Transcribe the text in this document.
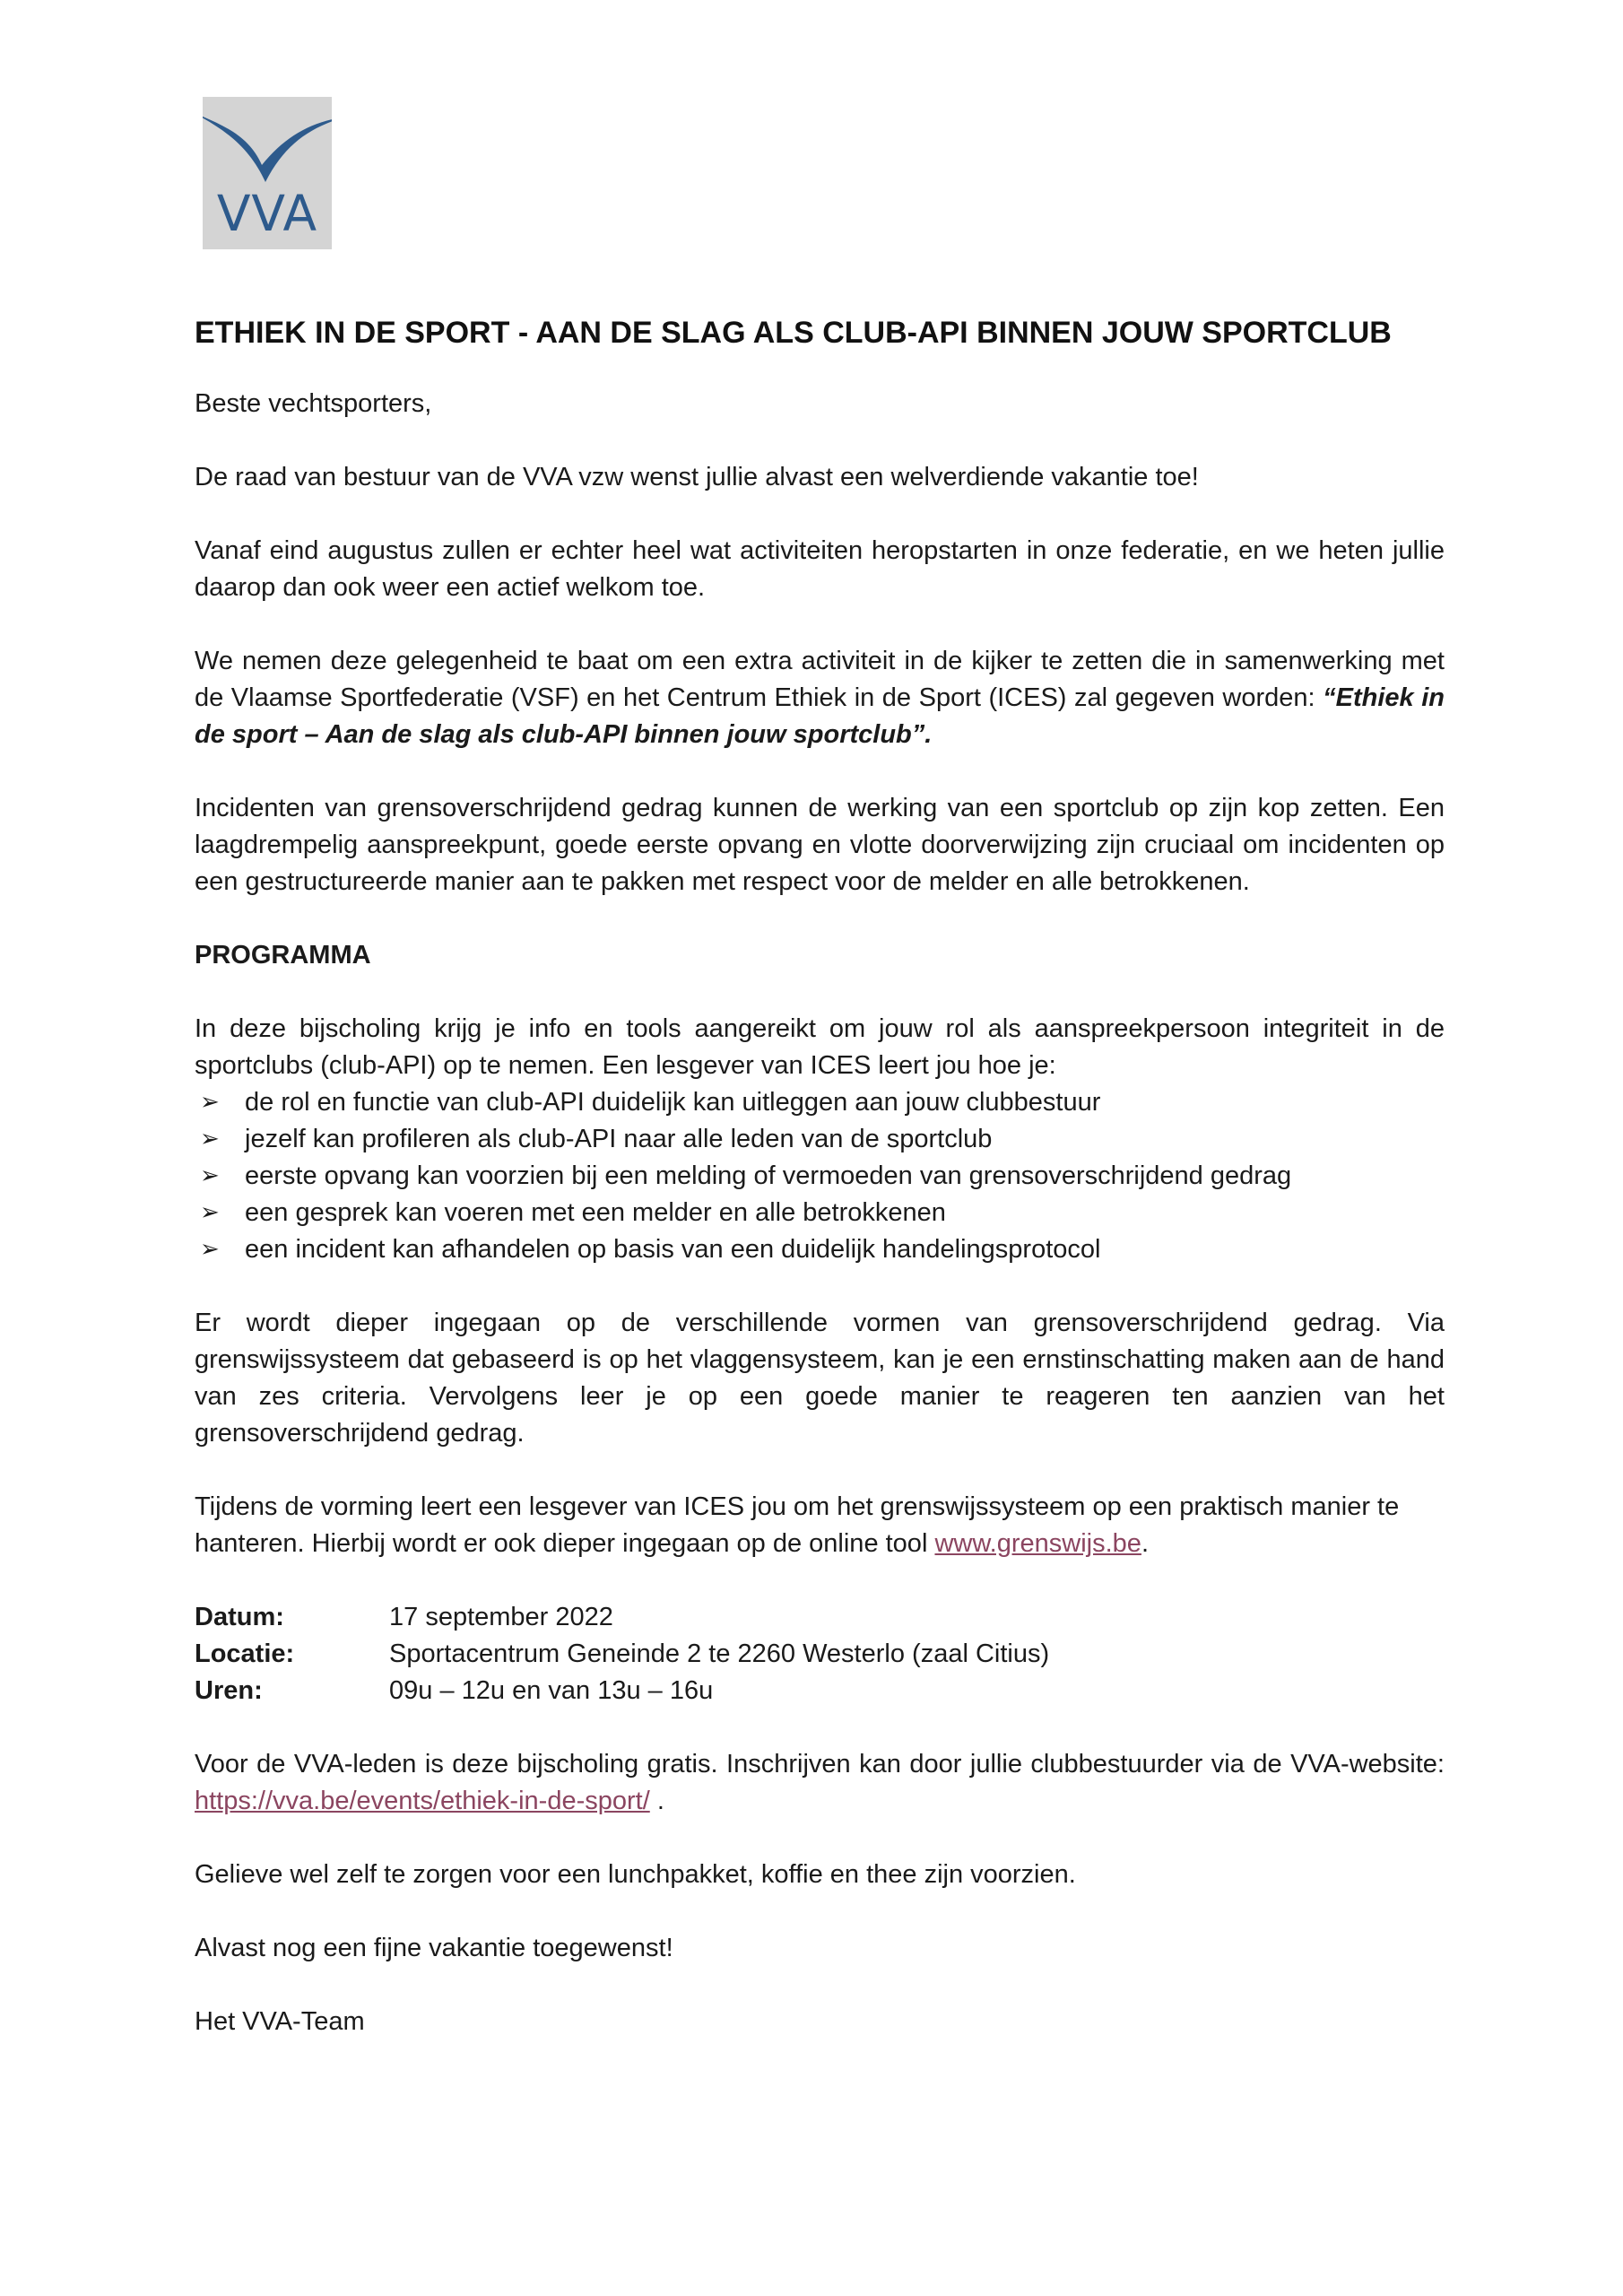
VVA
ETHIEK IN DE SPORT - AAN DE SLAG ALS CLUB-API BINNEN JOUW SPORTCLUB

Beste vechtsporters,

De raad van bestuur van de VVA vzw wenst jullie alvast een welverdiende vakantie toe!

Vanaf eind augustus zullen er echter heel wat activiteiten heropstarten in onze federatie, en we heten jullie daarop dan ook weer een actief welkom toe.

We nemen deze gelegenheid te baat om een extra activiteit in de kijker te zetten die in samenwerking met de Vlaamse Sportfederatie (VSF) en het Centrum Ethiek in de Sport (ICES) zal gegeven worden: “Ethiek in de sport – Aan de slag als club-API binnen jouw sportclub”.

Incidenten van grensoverschrijdend gedrag kunnen de werking van een sportclub op zijn kop zetten. Een laagdrempelig aanspreekpunt, goede eerste opvang en vlotte doorverwijzing zijn cruciaal om incidenten op een gestructureerde manier aan te pakken met respect voor de melder en alle betrokkenen.

PROGRAMMA
In deze bijscholing krijg je info en tools aangereikt om jouw rol als aanspreekpersoon integriteit in de sportclubs (club-API) op te nemen. Een lesgever van ICES leert jou hoe je:
➢ de rol en functie van club-API duidelijk kan uitleggen aan jouw clubbestuur
➢ jezelf kan profileren als club-API naar alle leden van de sportclub
➢ eerste opvang kan voorzien bij een melding of vermoeden van grensoverschrijdend gedrag
➢ een gesprek kan voeren met een melder en alle betrokkenen
➢ een incident kan afhandelen op basis van een duidelijk handelingsprotocol

Er wordt dieper ingegaan op de verschillende vormen van grensoverschrijdend gedrag. Via grenswijssysteem dat gebaseerd is op het vlaggensysteem, kan je een ernstinschatting maken aan de hand van zes criteria. Vervolgens leer je op een goede manier te reageren ten aanzien van het grensoverschrijdend gedrag.

Tijdens de vorming leert een lesgever van ICES jou om het grenswijssysteem op een praktisch manier te hanteren. Hierbij wordt er ook dieper ingegaan op de online tool www.grenswijs.be.

Datum:	17 september 2022
Locatie:	Sportacentrum Geneinde 2 te 2260 Westerlo (zaal Citius)
Uren:	09u – 12u en van 13u – 16u

Voor de VVA-leden is deze bijscholing gratis. Inschrijven kan door jullie clubbestuurder via de VVA-website: https://vva.be/events/ethiek-in-de-sport/ .

Gelieve wel zelf te zorgen voor een lunchpakket, koffie en thee zijn voorzien.

Alvast nog een fijne vakantie toegewenst!

Het VVA-Team
